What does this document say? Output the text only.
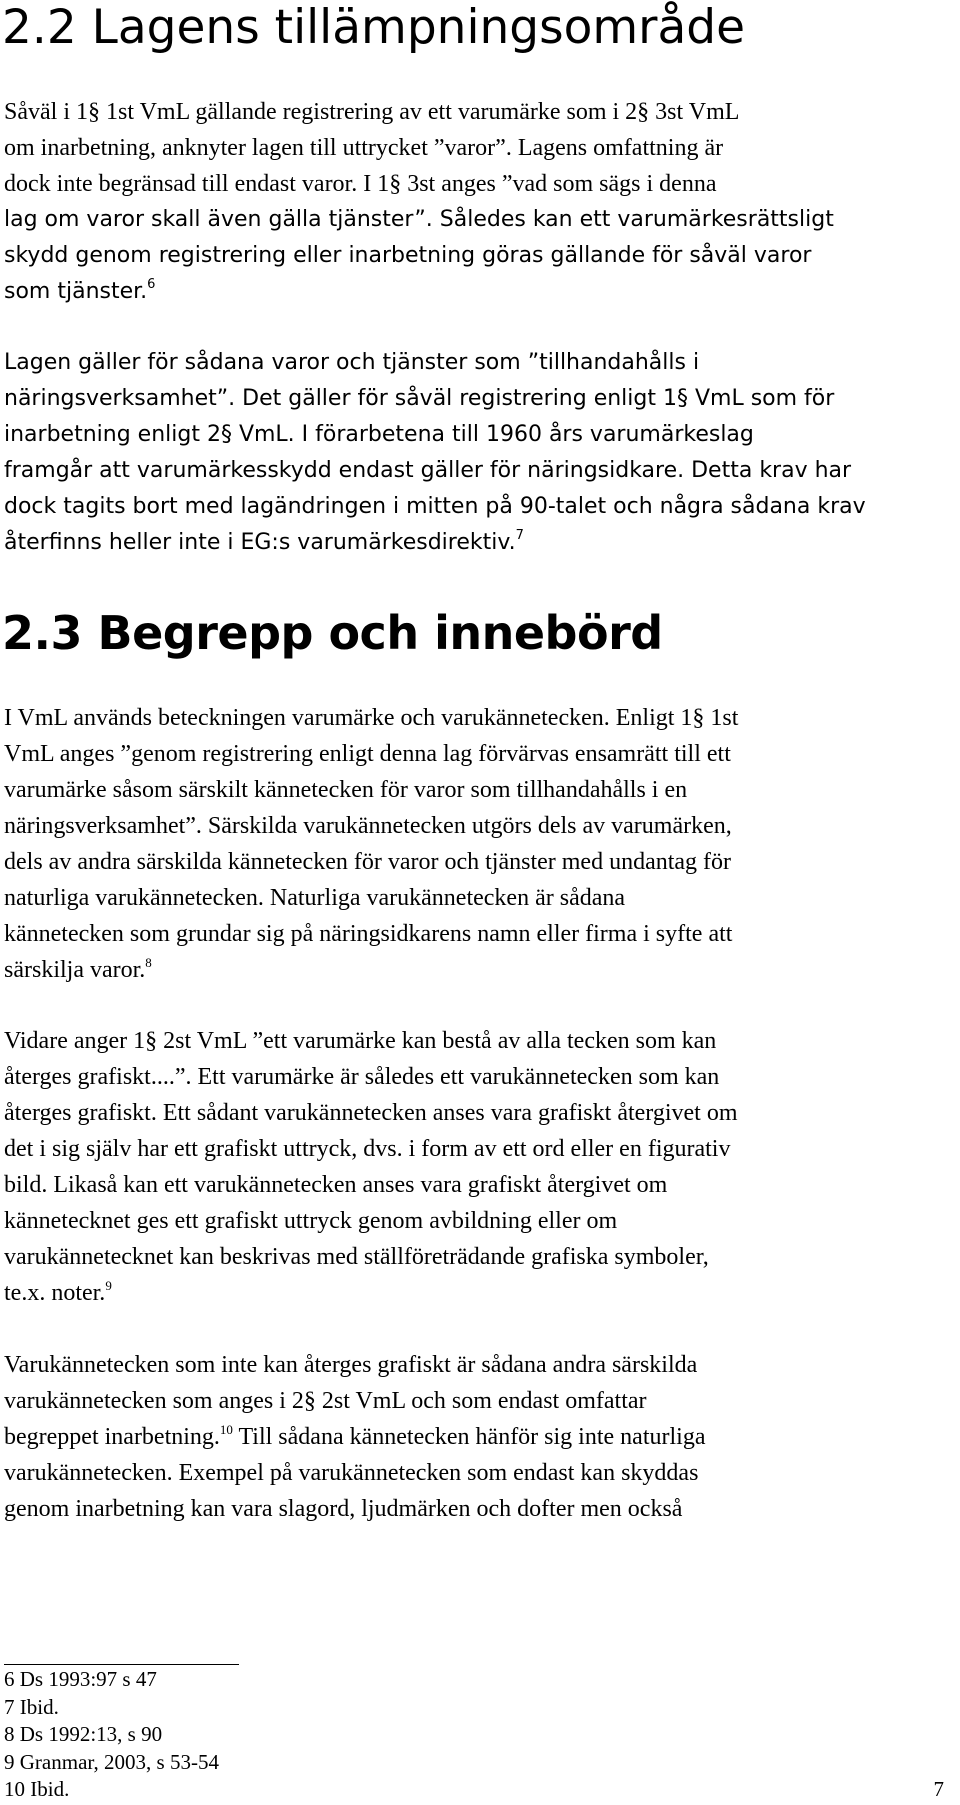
2.2 Lagens tillämpningsområde
Såväl i 1§ 1st VmL gällande registrering av ett varumärke som i 2§ 3st VmL
om inarbetning, anknyter lagen till uttrycket ”varor”. Lagens omfattning är
dock inte begränsad till endast varor. I 1§ 3st anges ”vad som sägs i denna
lag om varor skall även gälla tjänster”. Således kan ett varumärkesrättsligt
skydd genom registrering eller inarbetning göras gällande för såväl varor
som tjänster.$^6$
Lagen gäller för sådana varor och tjänster som ”tillhandahålls i
näringsverksamhet”. Det gäller för såväl registrering enligt 1§ VmL som för
inarbetning enligt 2§ VmL. I förarbetena till 1960 års varumärkeslag
framgår att varumärkesskydd endast gäller för näringsidkare. Detta krav har
dock tagits bort med lagändringen i mitten på 90-talet och några sådana krav
återfinns heller inte i EG:s varumärkesdirektiv.$^7$
2.3 Begrepp och innebörd
I VmL används beteckningen varumärke och varukännetecken. Enligt 1§ 1st
VmL anges ”genom registrering enligt denna lag förvärvas ensamrätt till ett
varumärke såsom särskilt kännetecken för varor som tillhandahålls i en
näringsverksamhet”. Särskilda varukännetecken utgörs dels av varumärken,
dels av andra särskilda kännetecken för varor och tjänster med undantag för
naturliga varukännetecken. Naturliga varukännetecken är sådana
kännetecken som grundar sig på näringsidkarens namn eller firma i syfte att
särskilja varor.$^8$
Vidare anger 1§ 2st VmL ”ett varumärke kan bestå av alla tecken som kan
återges grafiskt....”. Ett varumärke är således ett varukännetecken som kan
återges grafiskt. Ett sådant varukännetecken anses vara grafiskt återgivet om
det i sig själv har ett grafiskt uttryck, dvs. i form av ett ord eller en figurativ
bild. Likaså kan ett varukännetecken anses vara grafiskt återgivet om
kännetecknet ges ett grafiskt uttryck genom avbildning eller om
varukännetecknet kan beskrivas med ställföreträdande grafiska symboler,
te.x. noter.$^9$
Varukännetecken som inte kan återges grafiskt är sådana andra särskilda
varukännetecken som anges i 2§ 2st VmL och som endast omfattar
begreppet inarbetning.$^{10}$ Till sådana kännetecken hänför sig inte naturliga
varukännetecken. Exempel på varukännetecken som endast kan skyddas
genom inarbetning kan vara slagord, ljudmärken och dofter men också
6 Ds 1993:97 s 47
7 Ibid.
8 Ds 1992:13, s 90
9 Granmar, 2003, s 53-54
10 Ibid.	7
